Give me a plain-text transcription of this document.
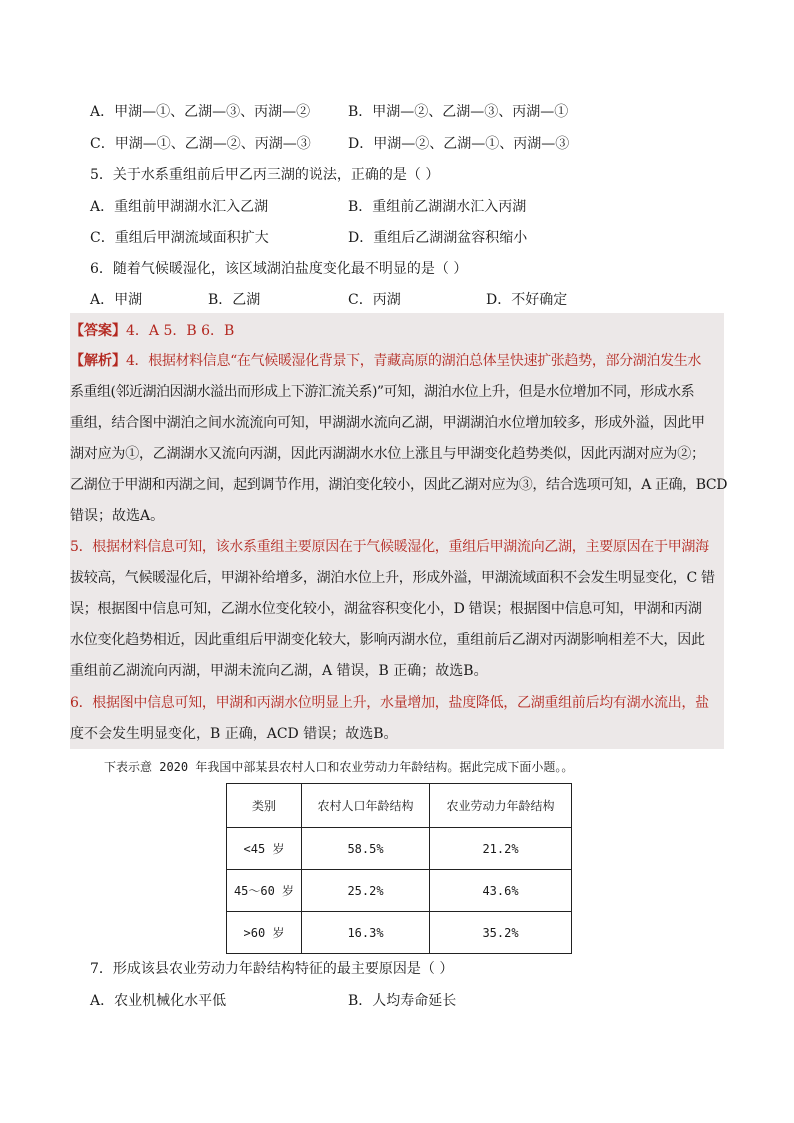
A．甲湖—①、乙湖—③、丙湖—②	B．甲湖—②、乙湖—③、丙湖—①
C．甲湖—①、乙湖—②、丙湖—③	D．甲湖—②、乙湖—①、丙湖—③
5．关于水系重组前后甲乙丙三湖的说法，正确的是（ ）
A．重组前甲湖湖水汇入乙湖	B．重组前乙湖湖水汇入丙湖
C．重组后甲湖流域面积扩大	D．重组后乙湖湖盆容积缩小
6．随着气候暖湿化，该区域湖泊盐度变化最不明显的是（ ）
A．甲湖	B．乙湖	C．丙湖	D．不好确定
【答案】4．A 5．B 6．B
【解析】4．根据材料信息“在气候暖湿化背景下，青藏高原的湖泊总体呈快速扩张趋势，部分湖泊发生水
系重组(邻近湖泊因湖水溢出而形成上下游汇流关系)”可知，湖泊水位上升，但是水位增加不同，形成水系
重组，结合图中湖泊之间水流流向可知，甲湖湖水流向乙湖，甲湖湖泊水位增加较多，形成外溢，因此甲
湖对应为①，乙湖湖水又流向丙湖，因此丙湖湖水水位上涨且与甲湖变化趋势类似，因此丙湖对应为②；
乙湖位于甲湖和丙湖之间，起到调节作用，湖泊变化较小，因此乙湖对应为③，结合选项可知，A 正确，BCD
错误；故选A。
5．根据材料信息可知，该水系重组主要原因在于气候暖湿化，重组后甲湖流向乙湖，主要原因在于甲湖海
拔较高，气候暖湿化后，甲湖补给增多，湖泊水位上升，形成外溢，甲湖流域面积不会发生明显变化，C 错
误；根据图中信息可知，乙湖水位变化较小，湖盆容积变化小，D 错误；根据图中信息可知，甲湖和丙湖
水位变化趋势相近，因此重组后甲湖变化较大，影响丙湖水位，重组前后乙湖对丙湖影响相差不大，因此
重组前乙湖流向丙湖，甲湖未流向乙湖，A 错误，B 正确；故选B。
6．根据图中信息可知，甲湖和丙湖水位明显上升，水量增加，盐度降低，乙湖重组前后均有湖水流出，盐
度不会发生明显变化，B 正确，ACD 错误；故选B。
下表示意 2020 年我国中部某县农村人口和农业劳动力年龄结构。据此完成下面小题。。
类别	农村人口年龄结构	农业劳动力年龄结构
<45 岁	58.5%	21.2%
45～60 岁	25.2%	43.6%
>60 岁	16.3%	35.2%
7．形成该县农业劳动力年龄结构特征的最主要原因是（ ）
A．农业机械化水平低	B．人均寿命延长
